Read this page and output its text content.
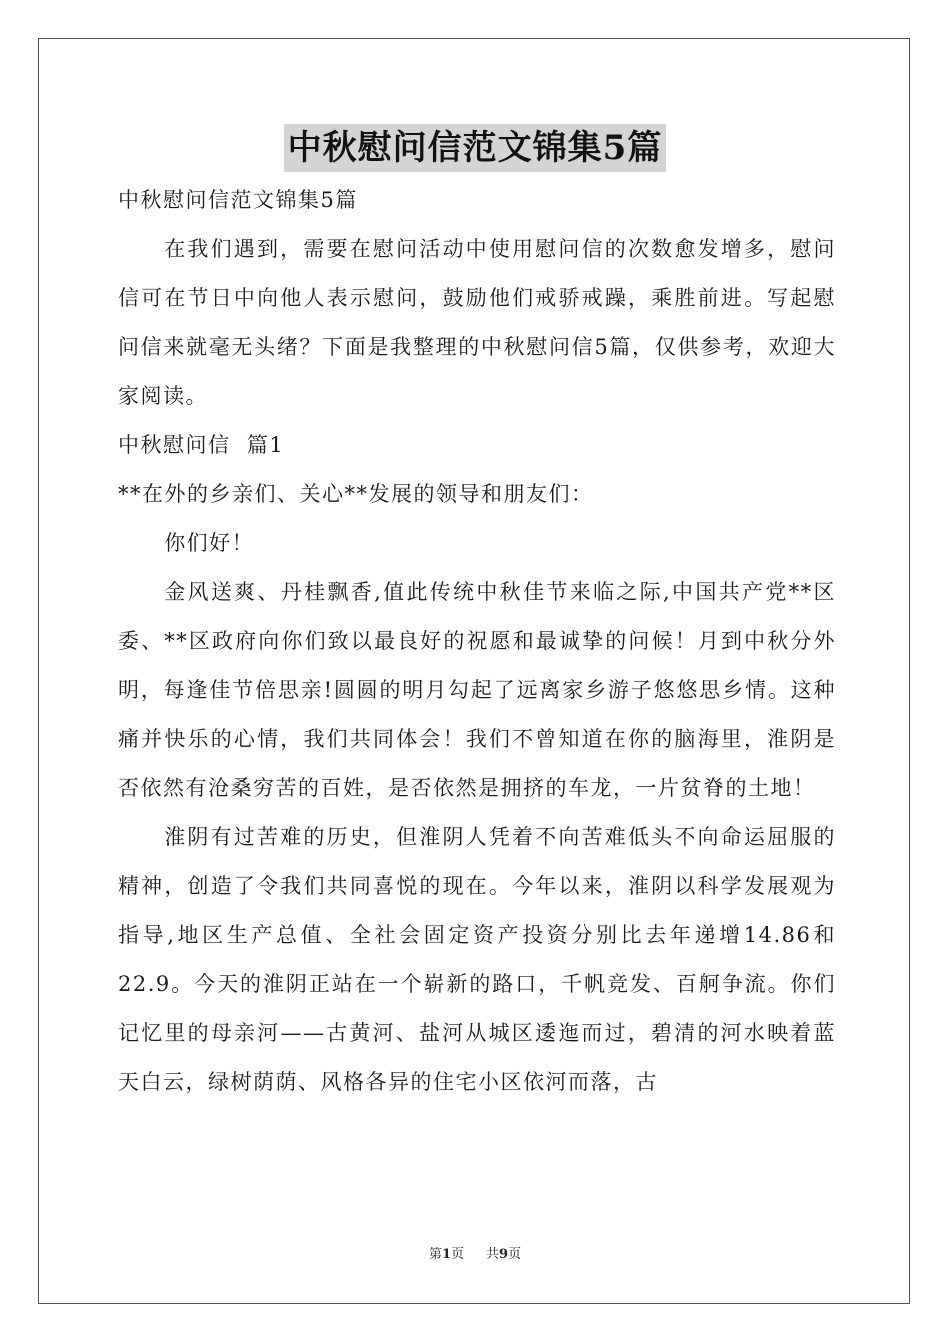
中秋慰问信范文锦集5篇

中秋慰问信范文锦集5篇

在我们遇到，需要在慰问活动中使用慰问信的次数愈发增多，慰问信可在节日中向他人表示慰问，鼓励他们戒骄戒躁，乘胜前进。写起慰问信来就毫无头绪？下面是我整理的中秋慰问信5篇，仅供参考，欢迎大家阅读。

中秋慰问信  篇1

**在外的乡亲们、关心**发展的领导和朋友们：

你们好！

金风送爽、丹桂飘香,值此传统中秋佳节来临之际,中国共产党**区委、**区政府向你们致以最良好的祝愿和最诚挚的问候！月到中秋分外明，每逢佳节倍思亲!圆圆的明月勾起了远离家乡游子悠悠思乡情。这种痛并快乐的心情，我们共同体会！我们不曾知道在你的脑海里，淮阴是否依然有沧桑穷苦的百姓，是否依然是拥挤的车龙，一片贫脊的土地！

淮阴有过苦难的历史，但淮阴人凭着不向苦难低头不向命运屈服的精神，创造了令我们共同喜悦的现在。今年以来，淮阴以科学发展观为指导,地区生产总值、全社会固定资产投资分别比去年递增14.86和22.9。今天的淮阴正站在一个崭新的路口，千帆竞发、百舸争流。你们记忆里的母亲河——古黄河、盐河从城区逶迤而过，碧清的河水映着蓝天白云，绿树荫荫、风格各异的住宅小区依河而落，古

第1页 共9页
